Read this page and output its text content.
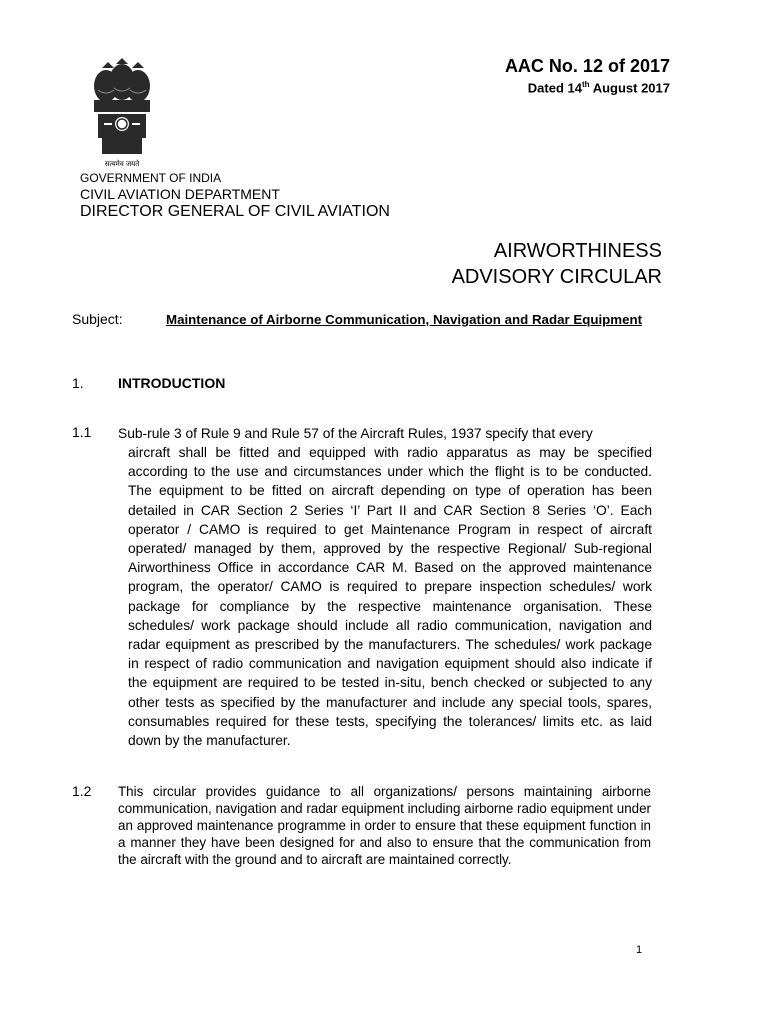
सत्यमेव जयते
AAC No. 12 of 2017
Dated 14th August 2017
GOVERNMENT OF INDIA
CIVIL AVIATION DEPARTMENT
DIRECTOR GENERAL OF CIVIL AVIATION
AIRWORTHINESS
ADVISORY CIRCULAR
Subject:	Maintenance of Airborne Communication, Navigation and Radar Equipment
1. INTRODUCTION
1.1 Sub-rule 3 of Rule 9 and Rule 57 of the Aircraft Rules, 1937 specify that every
aircraft shall be fitted and equipped with radio apparatus as may be specified according to the use and circumstances under which the flight is to be conducted. The equipment to be fitted on aircraft depending on type of operation has been detailed in CAR Section 2 Series ‘I’ Part II and CAR Section 8 Series ‘O’. Each operator / CAMO is required to get Maintenance Program in respect of aircraft operated/ managed by them, approved by the respective Regional/ Sub-regional Airworthiness Office in accordance CAR M. Based on the approved maintenance program, the operator/ CAMO is required to prepare inspection schedules/ work package for compliance by the respective maintenance organisation. These schedules/ work package should include all radio communication, navigation and radar equipment as prescribed by the manufacturers. The schedules/ work package in respect of radio communication and navigation equipment should also indicate if the equipment are required to be tested in-situ, bench checked or subjected to any other tests as specified by the manufacturer and include any special tools, spares, consumables required for these tests, specifying the tolerances/ limits etc. as laid down by the manufacturer.
1.2 This circular provides guidance to all organizations/ persons maintaining airborne communication, navigation and radar equipment including airborne radio equipment under an approved maintenance programme in order to ensure that these equipment function in a manner they have been designed for and also to ensure that the communication from the aircraft with the ground and to aircraft are maintained correctly.
1
